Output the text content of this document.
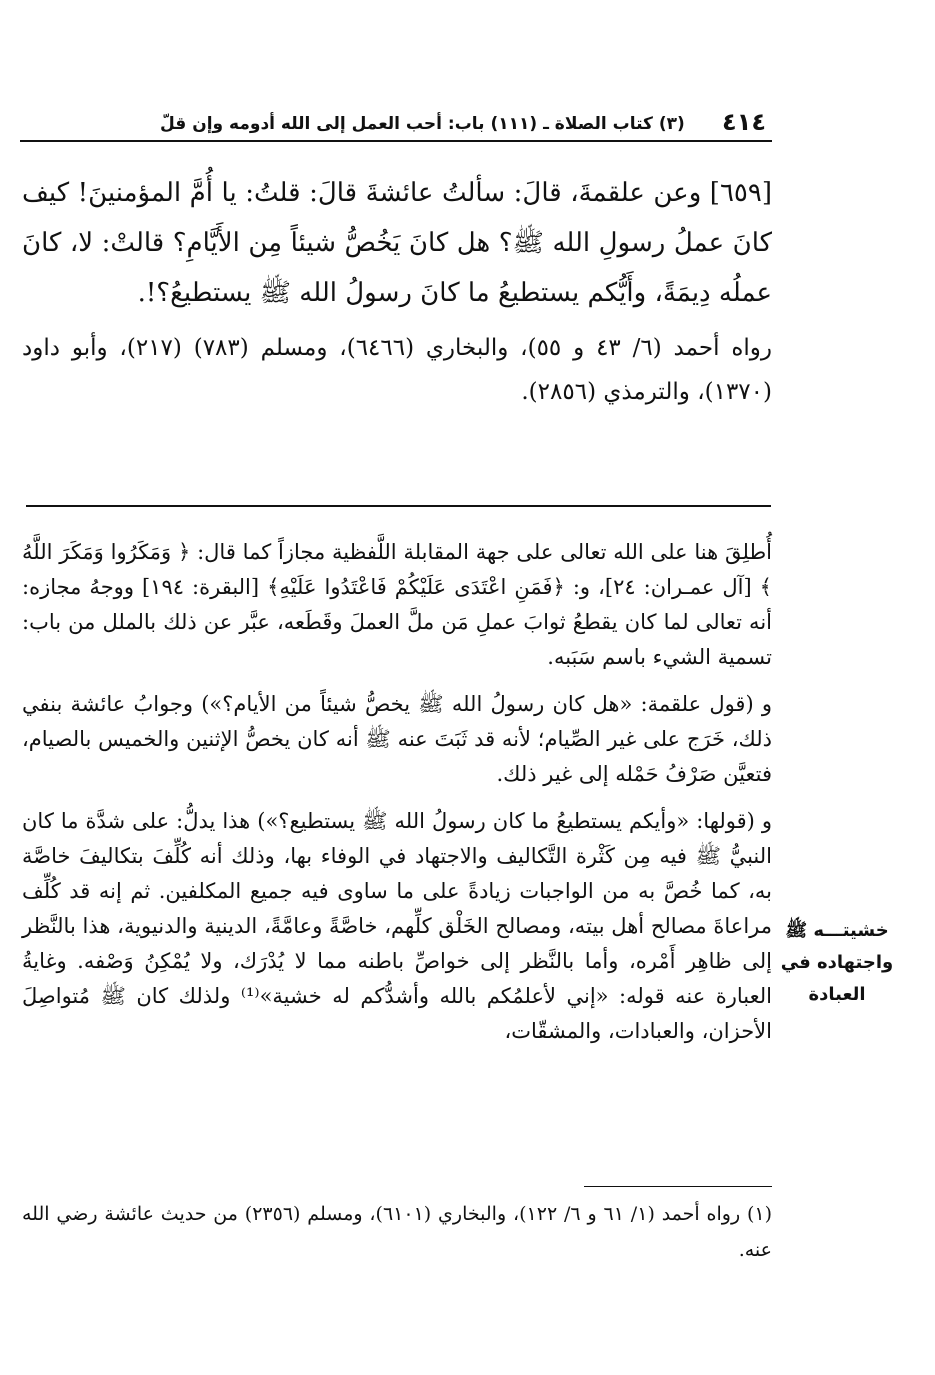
٤١٤
(٣) كتاب الصلاة ـ (١١١) باب: أحب العمل إلى الله أدومه وإن قلّ

[٦٥٩] وعن علقمةَ، قالَ: سألتُ عائشةَ قالَ: قلتُ: يا أُمَّ المؤمنينَ! كيف كانَ عملُ رسولِ الله ﷺ؟ هل كانَ يَخُصُّ شيئاً مِن الأَيَّامِ؟ قالتْ: لا، كانَ عملُه دِيمَةً، وأَيُّكم يستطيعُ ما كانَ رسولُ الله ﷺ يستطيعُ؟!.

رواه أحمد (٦/ ٤٣ و ٥٥)، والبخاري (٦٤٦٦)، ومسلم (٧٨٣) (٢١٧)، وأبو داود (١٣٧٠)، والترمذي (٢٨٥٦).

أُطلِقَ هنا على الله تعالى على جهة المقابلة اللَّفظية مجازاً كما قال: ﴿ وَمَكَرُوا وَمَكَرَ اللَّهُ ﴾ [آل عمـران: ٢٤]، و: ﴿فَمَنِ اعْتَدَى عَلَيْكُمْ فَاعْتَدُوا عَلَيْهِ﴾ [البقرة: ١٩٤] ووجهُ مجازه: أنه تعالى لما كان يقطعُ ثوابَ عملِ مَن ملَّ العملَ وقَطَعه، عبَّر عن ذلك بالملل من باب: تسمية الشيء باسم سَبَبه.

و (قول علقمة: «هل كان رسولُ الله ﷺ يخصُّ شيئاً من الأيام؟») وجوابُ عائشة بنفي ذلك، خَرَج على غير الصِّيام؛ لأنه قد ثَبَتَ عنه ﷺ أنه كان يخصُّ الإثنين والخميس بالصيام، فتعيَّن صَرْفُ حَمْله إلى غير ذلك.

و (قولها: «وأيكم يستطيعُ ما كان رسولُ الله ﷺ يستطيع؟») هذا يدلُّ: على شدَّة ما كان النبيُّ ﷺ فيه مِن كَثْرة التَّكاليف والاجتهاد في الوفاء بها، وذلك أنه كُلِّفَ بتكاليفَ خاصَّة به، كما خُصَّ به من الواجبات زيادةً على ما ساوى فيه جميع المكلفين. ثم إنه قد كُلِّف مراعاةَ مصالح أهل بيته، ومصالح الخَلْق كلِّهم، خاصَّةً وعامَّةً، الدينية والدنيوية، هذا بالنَّظر إلى ظاهِر أَمْره، وأما بالنَّظر إلى خواصِّ باطنه مما لا يُدْرَك، ولا يُمْكِنُ وَصْفه. وغايةُ العبارة عنه قوله: «إني لأعلمُكم بالله وأشدُّكم له خشية»⁽¹⁾ ولذلك كان ﷺ مُتواصِلَ الأحزان، والعبادات، والمشقّات،

خشيتـــه ﷺ
واجتهاده في
العبادة

(١) رواه أحمد (١/ ٦١ و ٦/ ١٢٢)، والبخاري (٦١٠١)، ومسلم (٢٣٥٦) من حديث عائشة رضي الله عنه.
